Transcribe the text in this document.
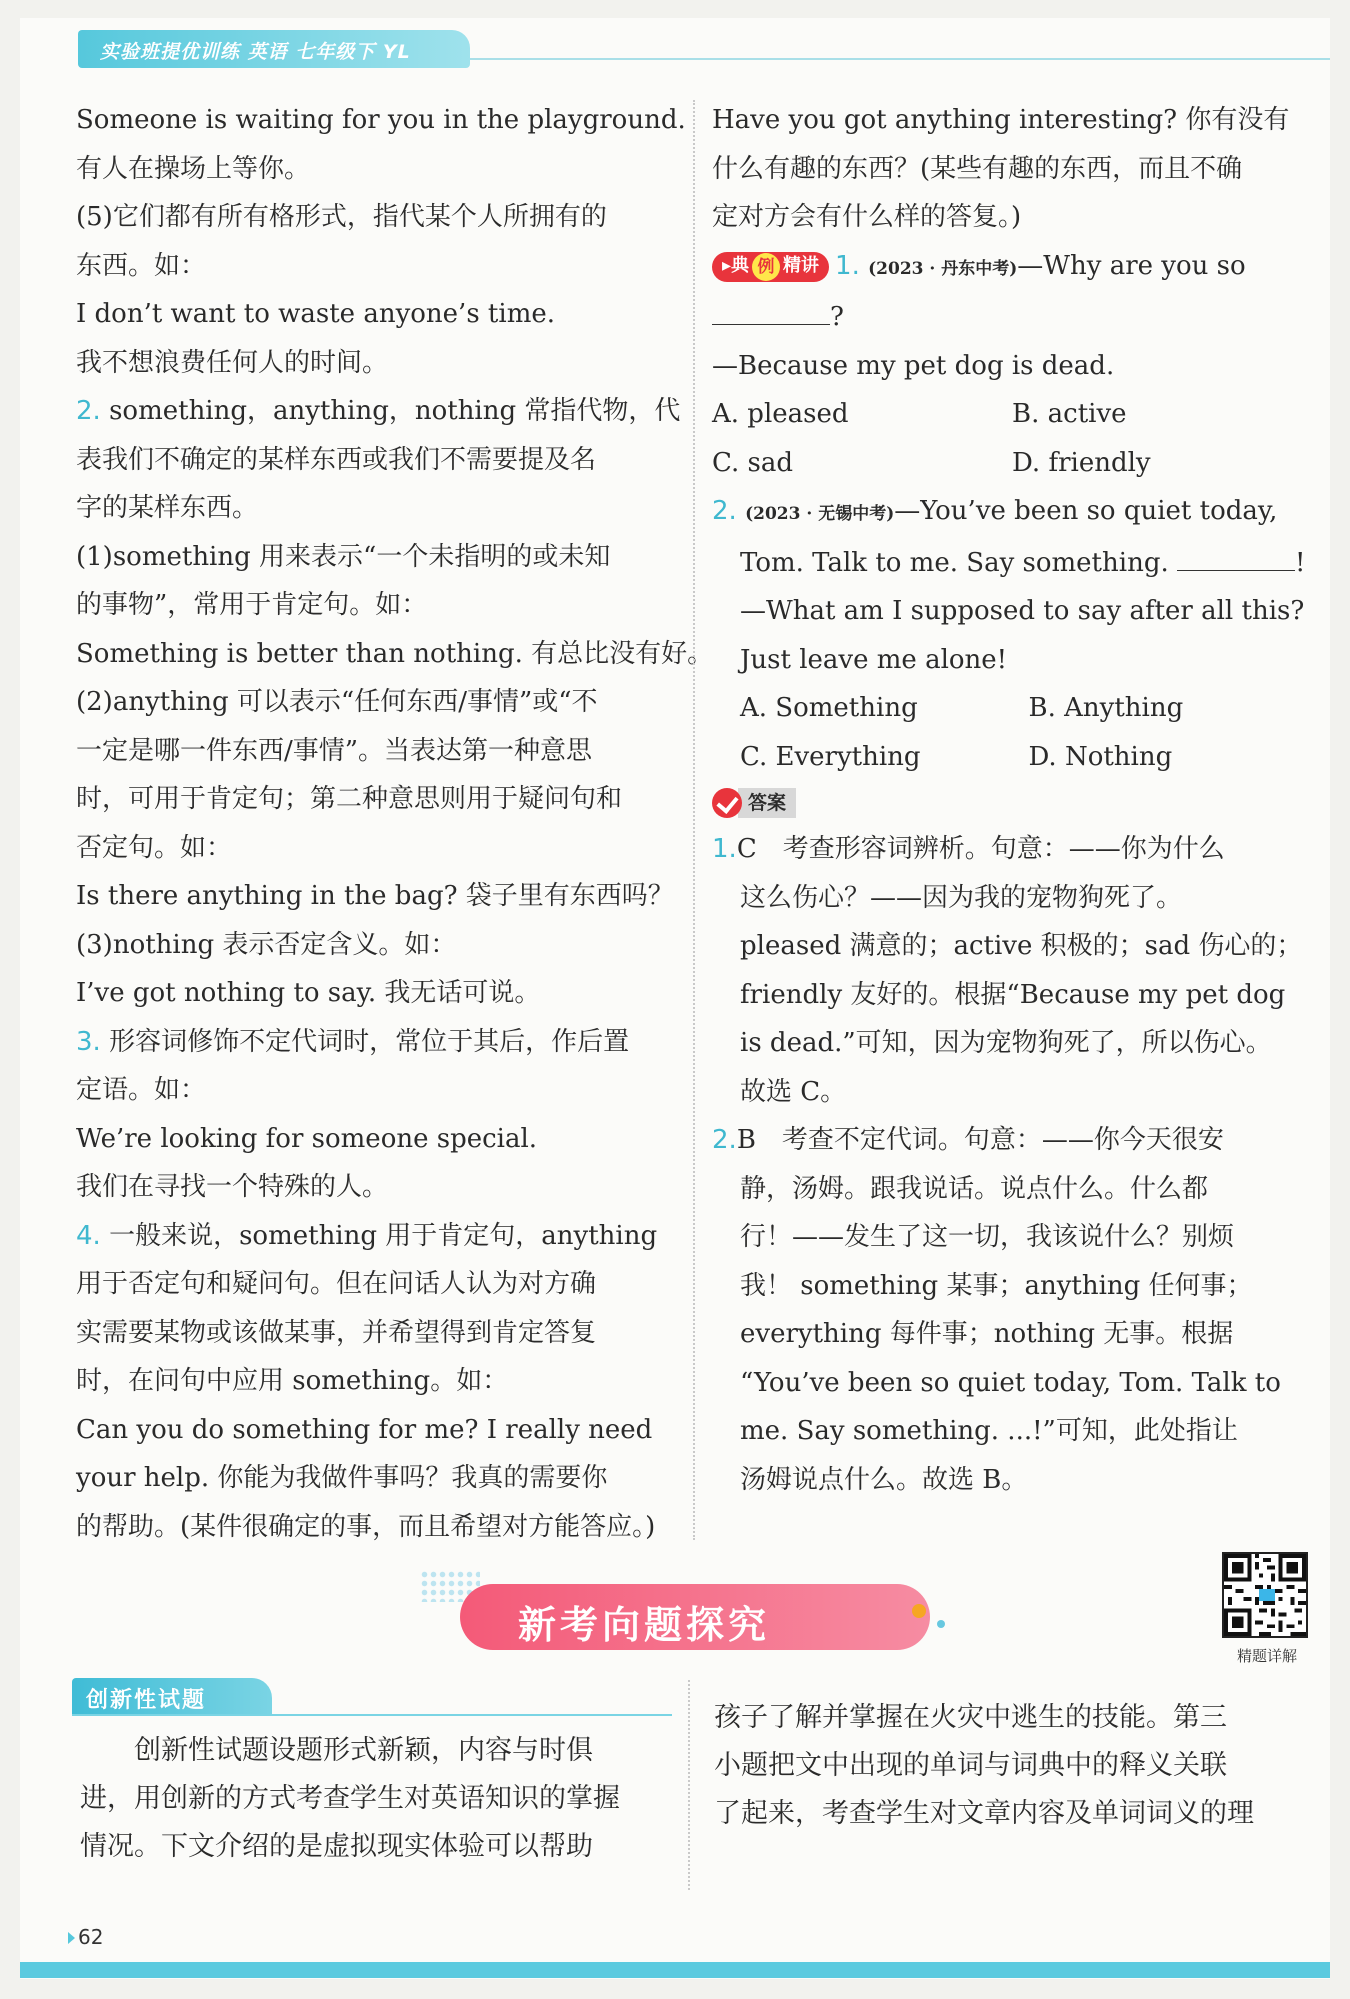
实验班提优训练 英语 七年级下 YL

Someone is waiting for you in the playground.

有人在操场上等你。

(5)它们都有所有格形式，指代某个人所拥有的

东西。如：

I don’t want to waste anyone’s time.

我不想浪费任何人的时间。

2. something，anything，nothing 常指代物，代

表我们不确定的某样东西或我们不需要提及名

字的某样东西。

(1)something 用来表示“一个未指明的或未知

的事物”，常用于肯定句。如：

Something is better than nothing. 有总比没有好。

(2)anything 可以表示“任何东西/事情”或“不

一定是哪一件东西/事情”。当表达第一种意思

时，可用于肯定句；第二种意思则用于疑问句和

否定句。如：

Is there anything in the bag? 袋子里有东西吗？

(3)nothing 表示否定含义。如：

I’ve got nothing to say. 我无话可说。

3. 形容词修饰不定代词时，常位于其后，作后置

定语。如：

We’re looking for someone special.

我们在寻找一个特殊的人。

4. 一般来说，something 用于肯定句，anything

用于否定句和疑问句。但在问话人认为对方确

实需要某物或该做某事，并希望得到肯定答复

时，在问句中应用 something。如：

Can you do something for me? I really need

your help. 你能为我做件事吗？我真的需要你

的帮助。(某件很确定的事，而且希望对方能答应。)

Have you got anything interesting? 你有没有

什么有趣的东西？(某些有趣的东西，而且不确

定对方会有什么样的答复。)

▸ 典 例 精讲 1. (2023 · 丹东中考)—Why are you so

?

—Because my pet dog is dead.

A. pleased	B. active
C. sad	D. friendly

2. (2023 · 无锡中考)—You’ve been so quiet today,

Tom. Talk to me. Say something.	!

—What am I supposed to say after all this?

Just leave me alone!

A. Something	B. Anything
C. Everything	D. Nothing
答案

1.C　考查形容词辨析。句意：——你为什么

这么伤心？——因为我的宠物狗死了。

pleased 满意的；active 积极的；sad 伤心的；

friendly 友好的。根据“Because my pet dog

is dead.”可知，因为宠物狗死了，所以伤心。

故选 C。

2.B　考查不定代词。句意：——你今天很安

静，汤姆。跟我说话。说点什么。什么都

行！——发生了这一切，我该说什么？别烦

我！ something 某事；anything 任何事；

everything 每件事；nothing 无事。根据

“You’ve been so quiet today, Tom. Talk to

me. Say something. ...!”可知，此处指让

汤姆说点什么。故选 B。

新考向题探究
精题详解
创新性试题

　　创新性试题设题形式新颖，内容与时俱

进，用创新的方式考查学生对英语知识的掌握

情况。下文介绍的是虚拟现实体验可以帮助

孩子了解并掌握在火灾中逃生的技能。第三

小题把文中出现的单词与词典中的释义关联

了起来，考查学生对文章内容及单词词义的理

62
